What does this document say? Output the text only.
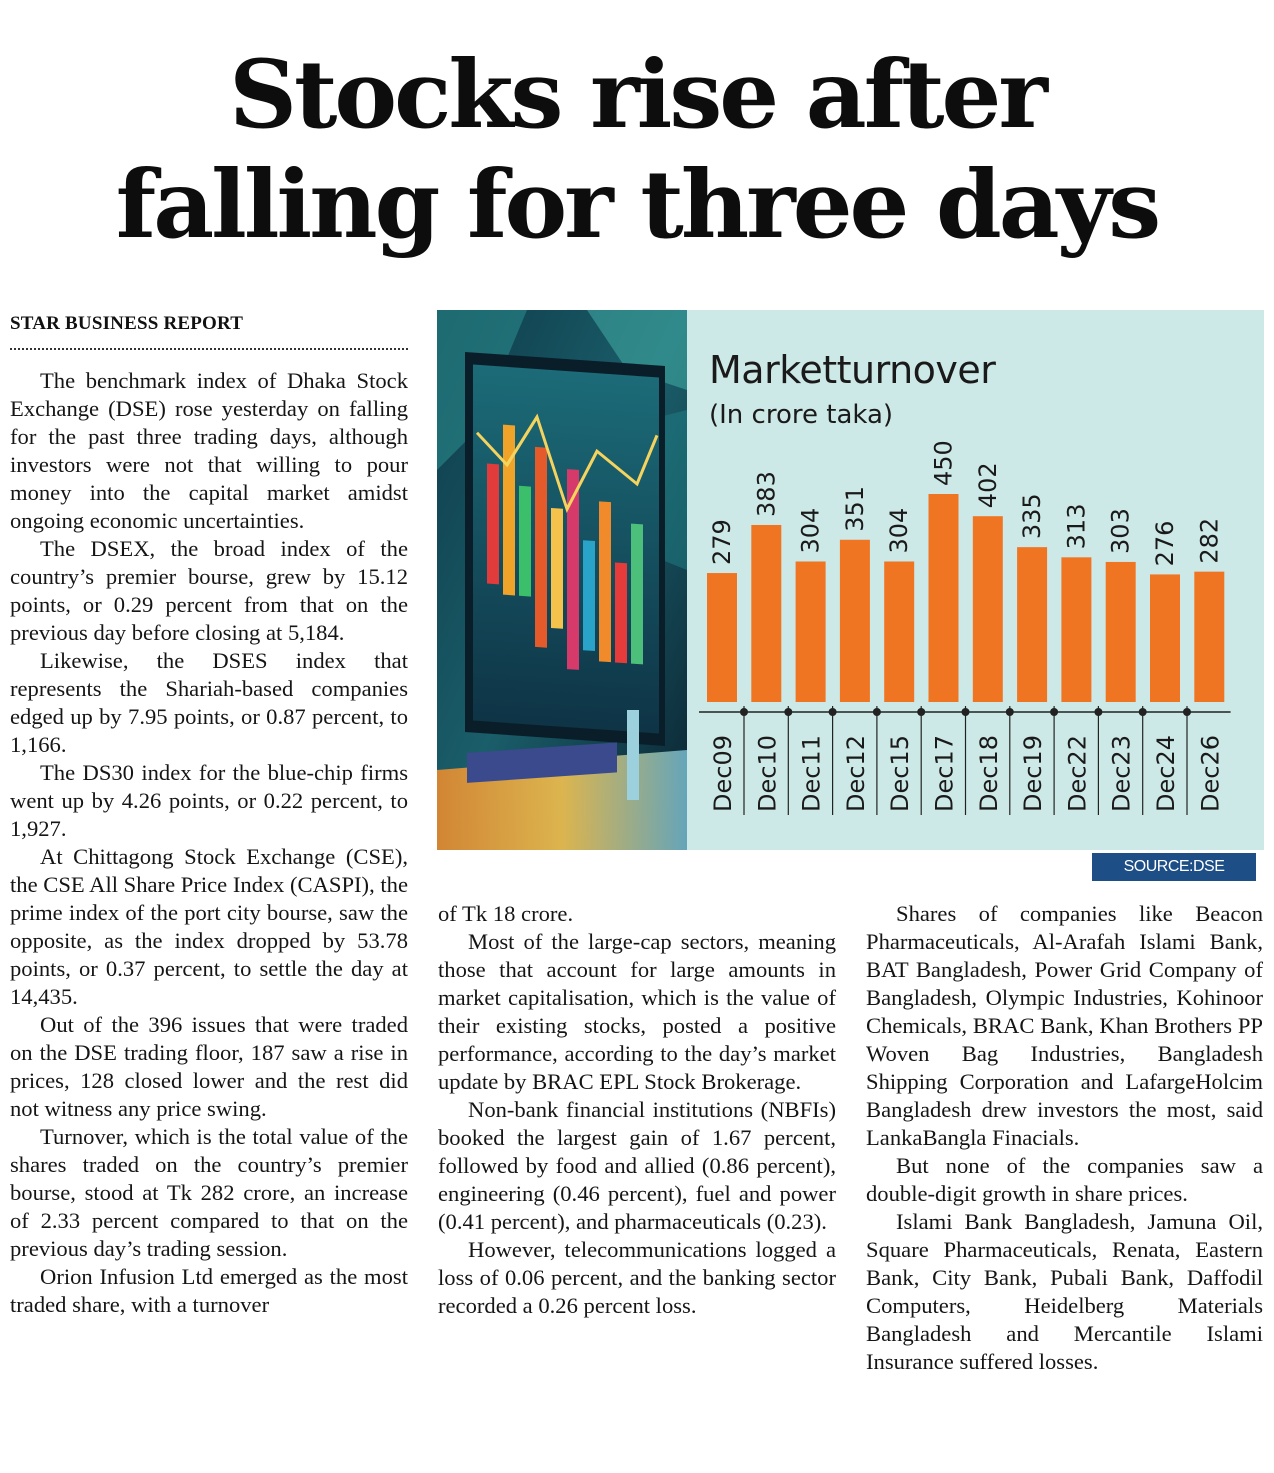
Stocks rise after
falling for three days
STAR BUSINESS REPORT
279
Dec09
383
Dec10
304
Dec11
351
Dec12
304
Dec15
450
Dec17
402
Dec18
335
Dec19
313
Dec22
303
Dec23
276
Dec24
282
Dec26
Marketturnover
(In crore taka)
SOURCE:DSE

The benchmark index of Dhaka Stock Exchange (DSE) rose yesterday on falling for the past three trading days, although investors were not that willing to pour money into the capital market amidst ongoing economic uncertainties.

The DSEX, the broad index of the country’s premier bourse, grew by 15.12 points, or 0.29 percent from that on the previous day before closing at 5,184.

Likewise, the DSES index that represents the Shariah-based companies edged up by 7.95 points, or 0.87 percent, to 1,166.

The DS30 index for the blue-chip firms went up by 4.26 points, or 0.22 percent, to 1,927.

At Chittagong Stock Exchange (CSE), the CSE All Share Price Index (CASPI), the prime index of the port city bourse, saw the opposite, as the index dropped by 53.78 points, or 0.37 percent, to settle the day at 14,435.

Out of the 396 issues that were traded on the DSE trading floor, 187 saw a rise in prices, 128 closed lower and the rest did not witness any price swing.

Turnover, which is the total value of the shares traded on the country’s premier bourse, stood at Tk 282 crore, an increase of 2.33 percent compared to that on the previous day’s trading session.

Orion Infusion Ltd emerged as the most traded share, with a turnover

of Tk 18 crore.

Most of the large-cap sectors, meaning those that account for large amounts in market capitalisation, which is the value of their existing stocks, posted a positive performance, according to the day’s market update by BRAC EPL Stock Brokerage.

Non-bank financial institutions (NBFIs) booked the largest gain of 1.67 percent, followed by food and allied (0.86 percent), engineering (0.46 percent), fuel and power (0.41 percent), and pharmaceuticals (0.23).

However, telecommunications logged a loss of 0.06 percent, and the banking sector recorded a 0.26 percent loss.

Shares of companies like Beacon Pharmaceuticals, Al-Arafah Islami Bank, BAT Bangladesh, Power Grid Company of Bangladesh, Olympic Industries, Kohinoor Chemicals, BRAC Bank, Khan Brothers PP Woven Bag Industries, Bangladesh Shipping Corporation and LafargeHolcim Bangladesh drew investors the most, said LankaBangla Finacials.

But none of the companies saw a double-digit growth in share prices.

Islami Bank Bangladesh, Jamuna Oil, Square Pharmaceuticals, Renata, Eastern Bank, City Bank, Pubali Bank, Daffodil Computers, Heidelberg Materials Bangladesh and Mercantile Islami Insurance suffered losses.
